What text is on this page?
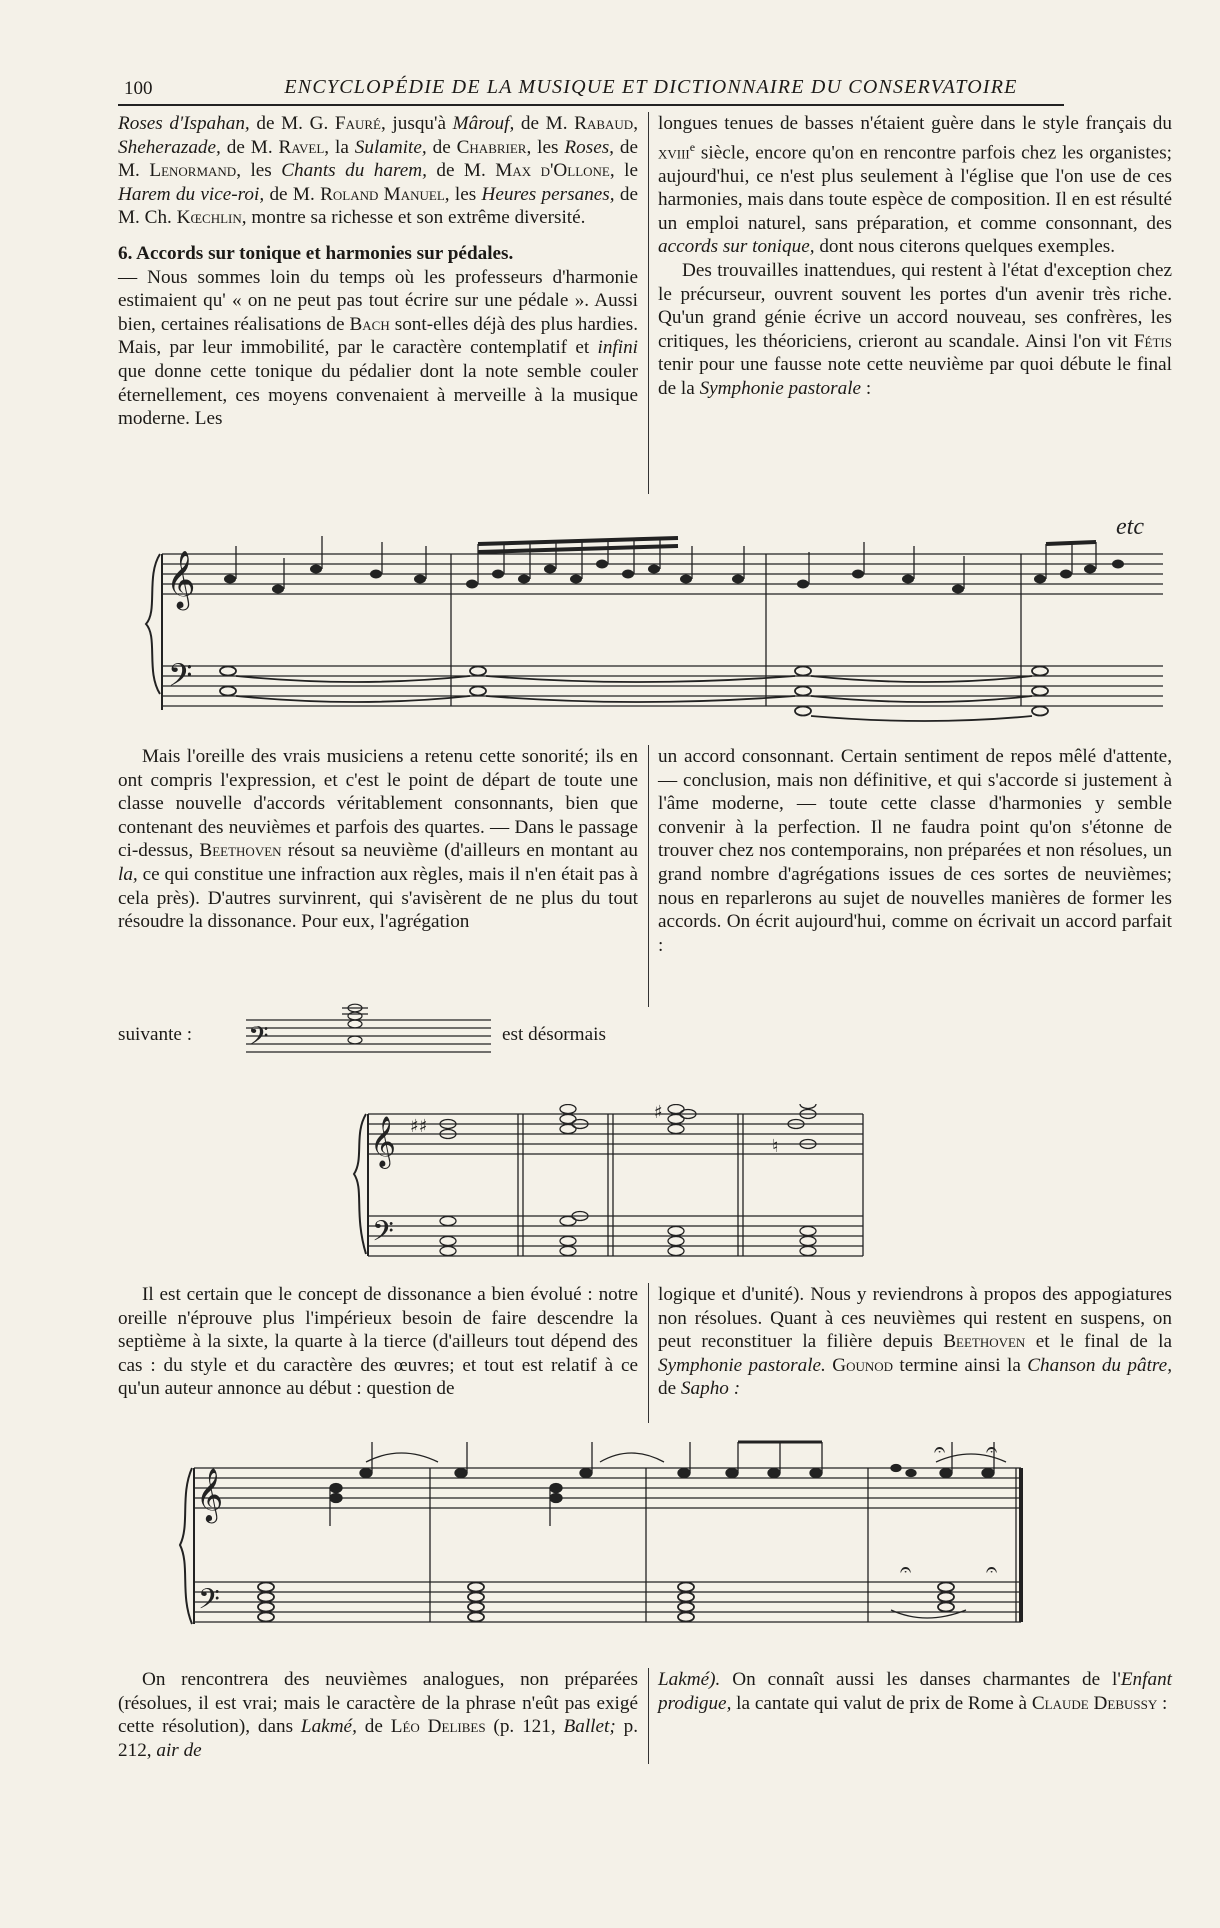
100	ENCYCLOPÉDIE DE LA MUSIQUE ET DICTIONNAIRE DU CONSERVATOIRE

Roses d'Ispahan, de M. G. Fauré, jusqu'à Mârouf, de M. Rabaud, Sheherazade, de M. Ravel, la Sulamite, de Chabrier, les Roses, de M. Lenormand, les Chants du harem, de M. Max d'Ollone, le Harem du vice-roi, de M. Roland Manuel, les Heures persanes, de M. Ch. Kœchlin, montre sa richesse et son extrême diversité.

6. Accords sur tonique et harmonies sur pédales.

— Nous sommes loin du temps où les professeurs d'harmonie estimaient qu' « on ne peut pas tout écrire sur une pédale ». Aussi bien, certaines réalisations de Bach sont-elles déjà des plus hardies. Mais, par leur immobilité, par le caractère contemplatif et infini que donne cette tonique du pédalier dont la note semble couler éternellement, ces moyens convenaient à merveille à la musique moderne. Les

longues tenues de basses n'étaient guère dans le style français du xviii$^e$ siècle, encore qu'on en rencontre parfois chez les organistes; aujourd'hui, ce n'est plus seulement à l'église que l'on use de ces harmonies, mais dans toute espèce de composition. Il en est résulté un emploi naturel, sans préparation, et comme consonnant, des accords sur tonique, dont nous citerons quelques exemples.

Des trouvailles inattendues, qui restent à l'état d'exception chez le précurseur, ouvrent souvent les portes d'un avenir très riche. Qu'un grand génie écrive un accord nouveau, ses confrères, les critiques, les théoriciens, crieront au scandale. Ainsi l'on vit Fétis tenir pour une fausse note cette neuvième par quoi débute le final de la Symphonie pastorale :

𝄞
𝄢
etc

Mais l'oreille des vrais musiciens a retenu cette sonorité; ils en ont compris l'expression, et c'est le point de départ de toute une classe nouvelle d'accords véritablement consonnants, bien que contenant des neuvièmes et parfois des quartes. — Dans le passage ci-dessus, Beethoven résout sa neuvième (d'ailleurs en montant au la, ce qui constitue une infraction aux règles, mais il n'en était pas à cela près). D'autres survinrent, qui s'avisèrent de ne plus du tout résoudre la dissonance. Pour eux, l'agrégation

suivante : 𝄢	est désormais

un accord consonnant. Certain sentiment de repos mêlé d'attente, — conclusion, mais non définitive, et qui s'accorde si justement à l'âme moderne, — toute cette classe d'harmonies y semble convenir à la perfection. Il ne faudra point qu'on s'étonne de trouver chez nos contemporains, non préparées et non résolues, un grand nombre d'agrégations issues de ces sortes de neuvièmes; nous en reparlerons au sujet de nouvelles manières de former les accords. On écrit aujourd'hui, comme on écrivait un accord parfait :

𝄞 ♯♯
♯
♮
𝄢

Il est certain que le concept de dissonance a bien évolué : notre oreille n'éprouve plus l'impérieux besoin de faire descendre la septième à la sixte, la quarte à la tierce (d'ailleurs tout dépend des cas : du style et du caractère des œuvres; et tout est relatif à ce qu'un auteur annonce au début : question de

logique et d'unité). Nous y reviendrons à propos des appogiatures non résolues. Quant à ces neuvièmes qui restent en suspens, on peut reconstituer la filière depuis Beethoven et le final de la Symphonie pastorale. Gounod termine ainsi la Chanson du pâtre, de Sapho :

𝄞
𝄢
𝄐 𝄐
𝄐	𝄐

On rencontrera des neuvièmes analogues, non préparées (résolues, il est vrai; mais le caractère de la phrase n'eût pas exigé cette résolution), dans Lakmé, de Léo Delibes (p. 121, Ballet; p. 212, air de

Lakmé). On connaît aussi les danses charmantes de l'Enfant prodigue, la cantate qui valut de prix de Rome à Claude Debussy :
